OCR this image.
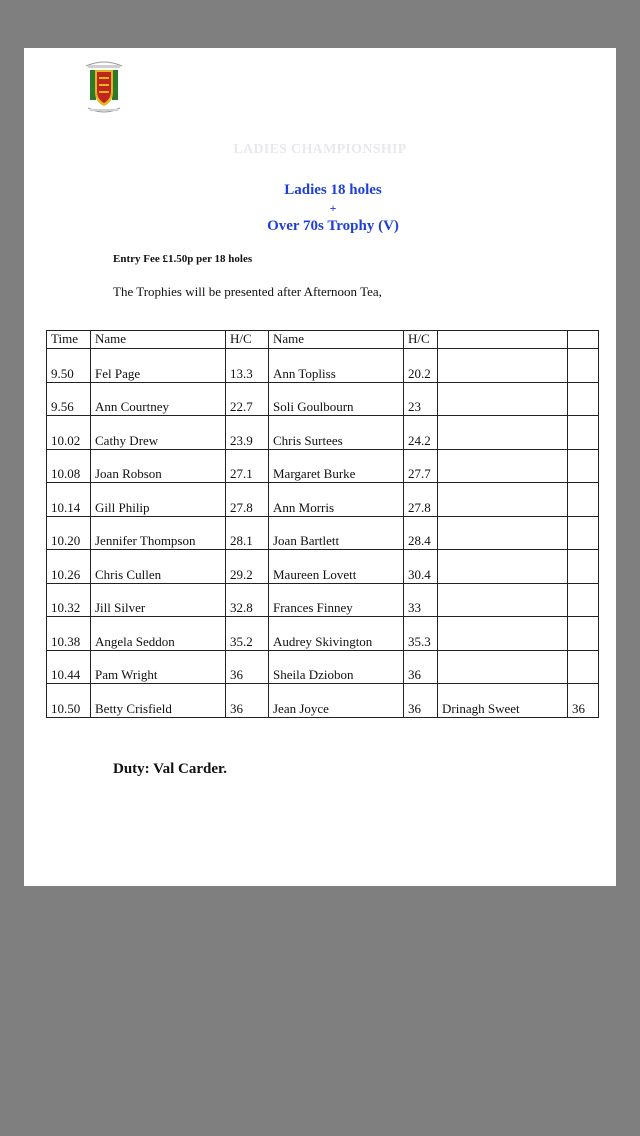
LADIES CHAMPIONSHIP
Ladies 18 holes
+
Over 70s Trophy (V)
Entry Fee £1.50p per 18 holes
The Trophies will be presented after Afternoon Tea,
Time	Name	H/C	Name	H/C		
9.50	Fel Page	13.3	Ann Topliss	20.2		
9.56	Ann Courtney	22.7	Soli Goulbourn	23		
10.02	Cathy Drew	23.9	Chris Surtees	24.2		
10.08	Joan Robson	27.1	Margaret Burke	27.7		
10.14	Gill Philip	27.8	Ann Morris	27.8		
10.20	Jennifer Thompson	28.1	Joan Bartlett	28.4		
10.26	Chris Cullen	29.2	Maureen Lovett	30.4		
10.32	Jill Silver	32.8	Frances Finney	33		
10.38	Angela Seddon	35.2	Audrey Skivington	35.3		
10.44	Pam Wright	36	Sheila Dziobon	36		
10.50	Betty Crisfield	36	Jean Joyce	36	Drinagh Sweet	36
Duty: Val Carder.
